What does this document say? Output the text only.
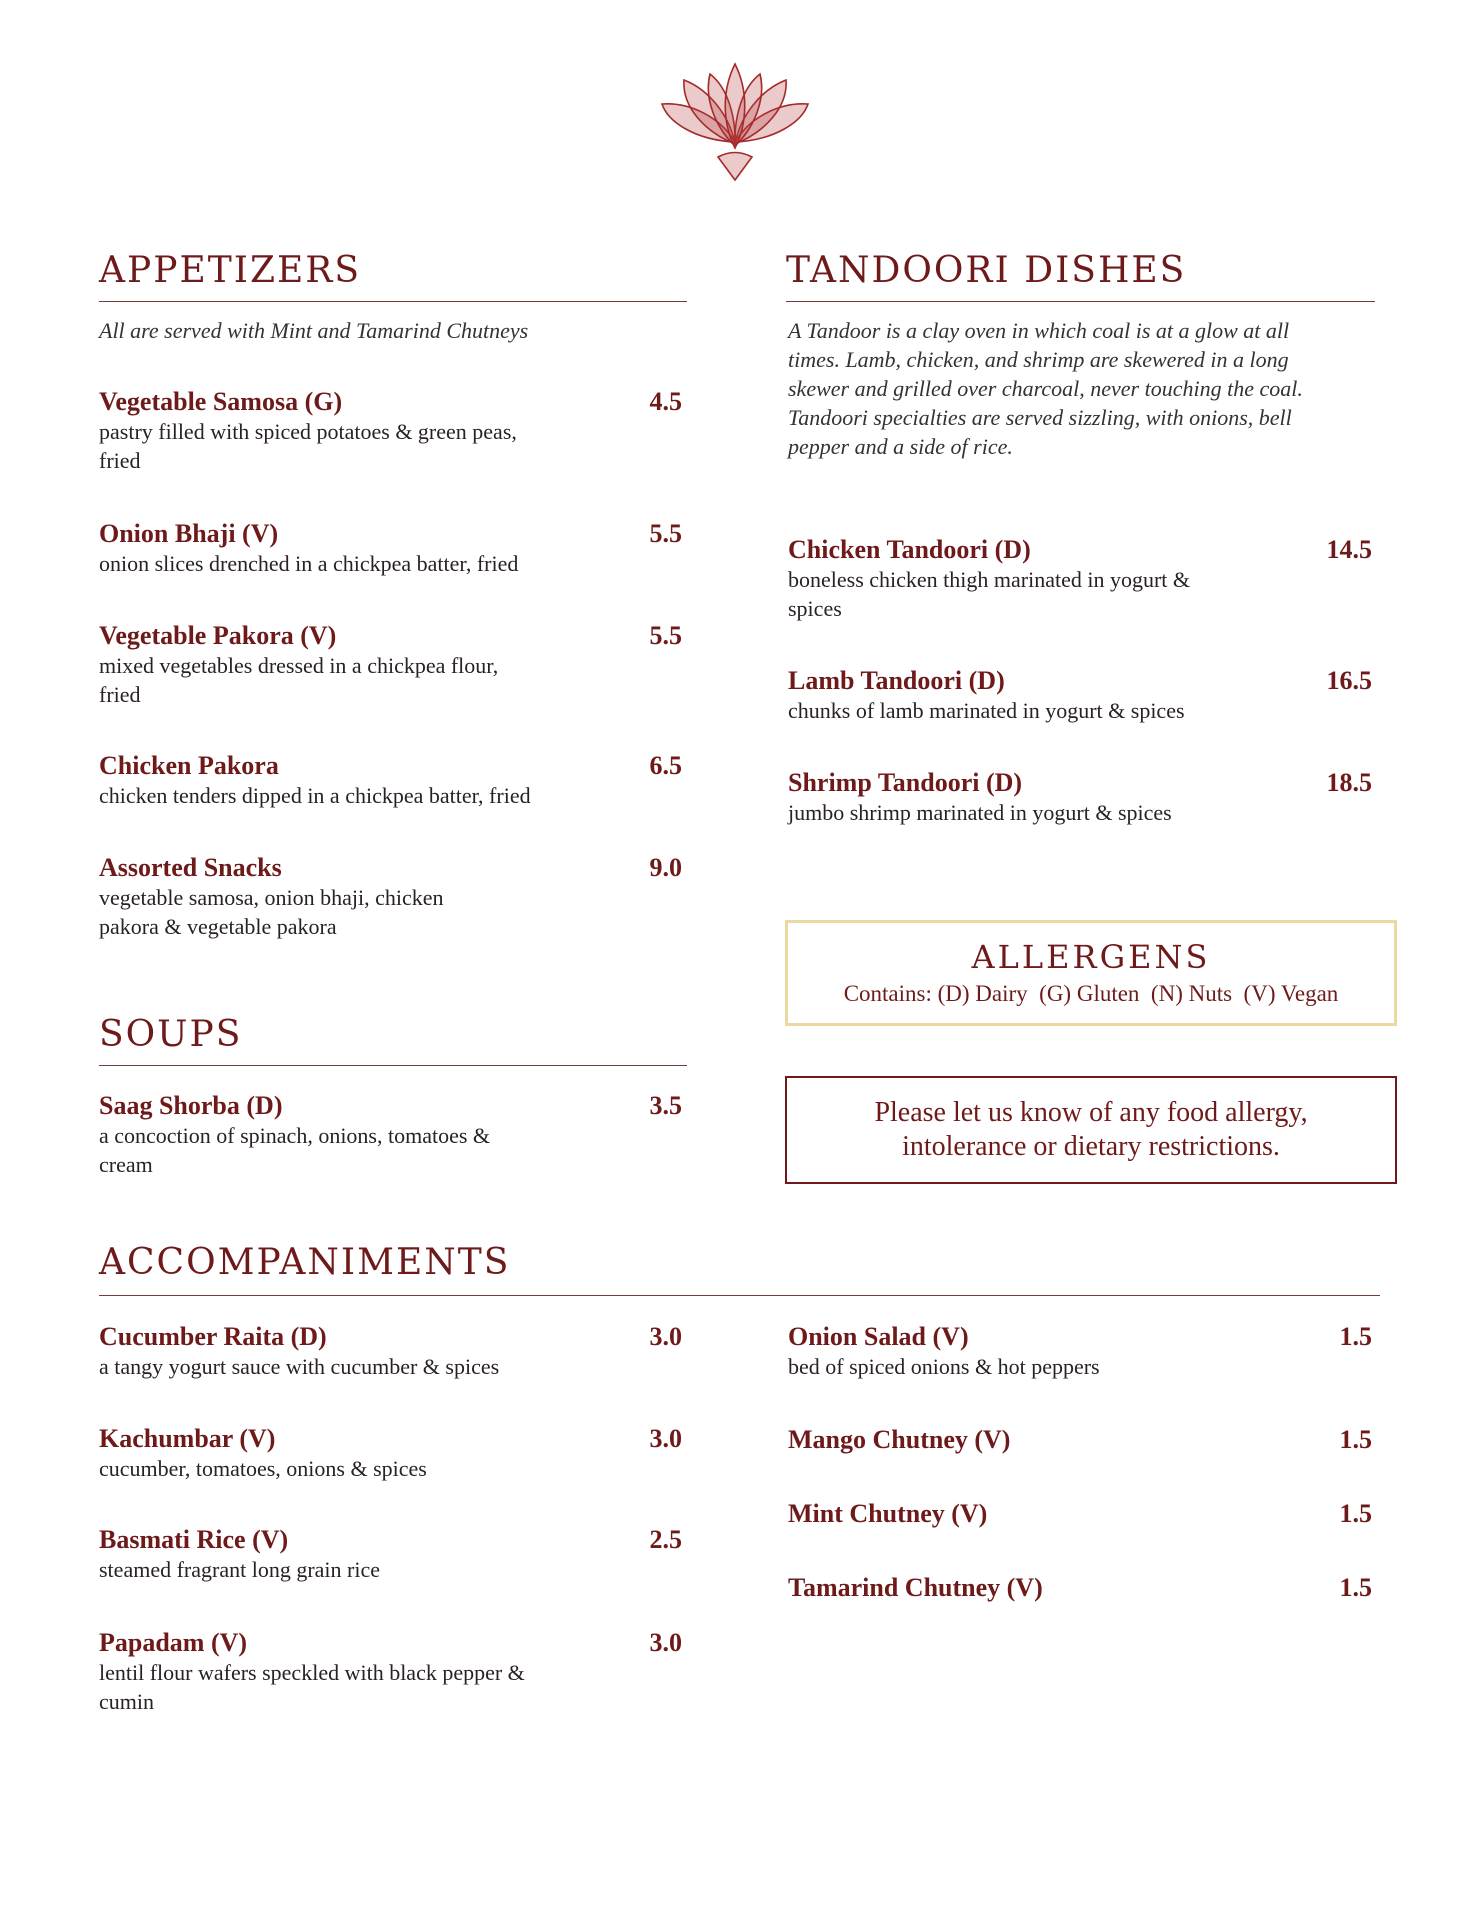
APPETIZERS
All are served with Mint and Tamarind Chutneys
Vegetable Samosa (G)
pastry filled with spiced potatoes & green peas, fried
4.5
Onion Bhaji (V)
onion slices drenched in a chickpea batter, fried
5.5
Vegetable Pakora (V)
mixed vegetables dressed in a chickpea flour, fried
5.5
Chicken Pakora
chicken tenders dipped in a chickpea batter, fried
6.5
Assorted Snacks
vegetable samosa, onion bhaji, chicken pakora & vegetable pakora
9.0
SOUPS
Saag Shorba (D)
a concoction of spinach, onions, tomatoes & cream
3.5
TANDOORI DISHES
A Tandoor is a clay oven in which coal is at a glow at all times. Lamb, chicken, and shrimp are skewered in a long skewer and grilled over charcoal, never touching the coal. Tandoori specialties are served sizzling, with onions, bell pepper and a side of rice.
Chicken Tandoori (D)
boneless chicken thigh marinated in yogurt & spices
14.5
Lamb Tandoori (D)
chunks of lamb marinated in yogurt & spices
16.5
Shrimp Tandoori (D)
jumbo shrimp marinated in yogurt & spices
18.5
ALLERGENS
Contains: (D) Dairy  (G) Gluten  (N) Nuts  (V) Vegan
Please let us know of any food allergy,
intolerance or dietary restrictions.
ACCOMPANIMENTS
Cucumber Raita (D)
a tangy yogurt sauce with cucumber & spices
3.0
Kachumbar (V)
cucumber, tomatoes, onions & spices
3.0
Basmati Rice (V)
steamed fragrant long grain rice
2.5
Papadam (V)
lentil flour wafers speckled with black pepper & cumin
3.0
Onion Salad (V)
bed of spiced onions & hot peppers
1.5
Mango Chutney (V)	1.5
Mint Chutney (V)	1.5
Tamarind Chutney (V)	1.5
